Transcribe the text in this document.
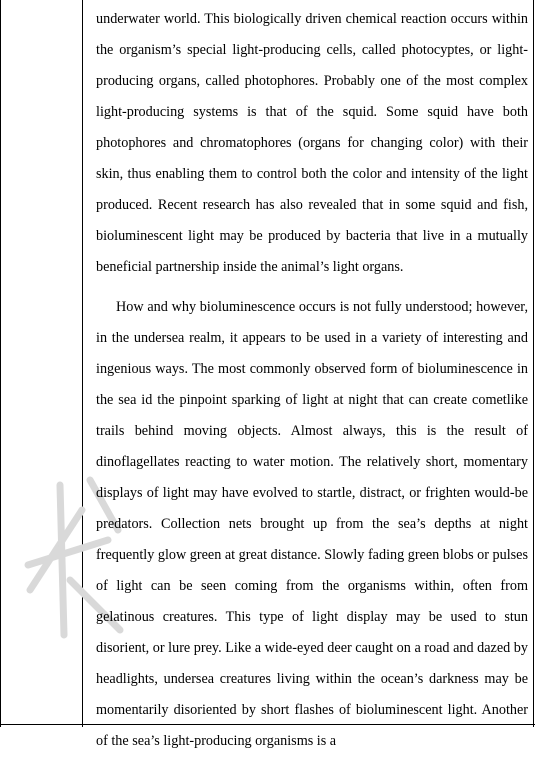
underwater world. This biologically driven chemical reaction occurs within the organism’s special light-producing cells, called photocyptes, or light-producing organs, called photophores. Probably one of the most complex light-producing systems is that of the squid. Some squid have both photophores and chromatophores (organs for changing color) with their skin, thus enabling them to control both the color and intensity of the light produced. Recent research has also revealed that in some squid and fish, bioluminescent light may be produced by bacteria that live in a mutually beneficial partnership inside the animal’s light organs.

How and why bioluminescence occurs is not fully understood; however, in the undersea realm, it appears to be used in a variety of interesting and ingenious ways. The most commonly observed form of bioluminescence in the sea id the pinpoint sparking of light at night that can create cometlike trails behind moving objects. Almost always, this is the result of dinoflagellates reacting to water motion. The relatively short, momentary displays of light may have evolved to startle, distract, or frighten would-be predators. Collection nets brought up from the sea’s depths at night frequently glow green at great distance. Slowly fading green blobs or pulses of light can be seen coming from the organisms within, often from gelatinous creatures. This type of light display may be used to stun disorient, or lure prey. Like a wide-eyed deer caught on a road and dazed by headlights, undersea creatures living within the ocean’s darkness may be momentarily disoriented by short flashes of bioluminescent light. Another of the sea’s light-producing organisms is a
